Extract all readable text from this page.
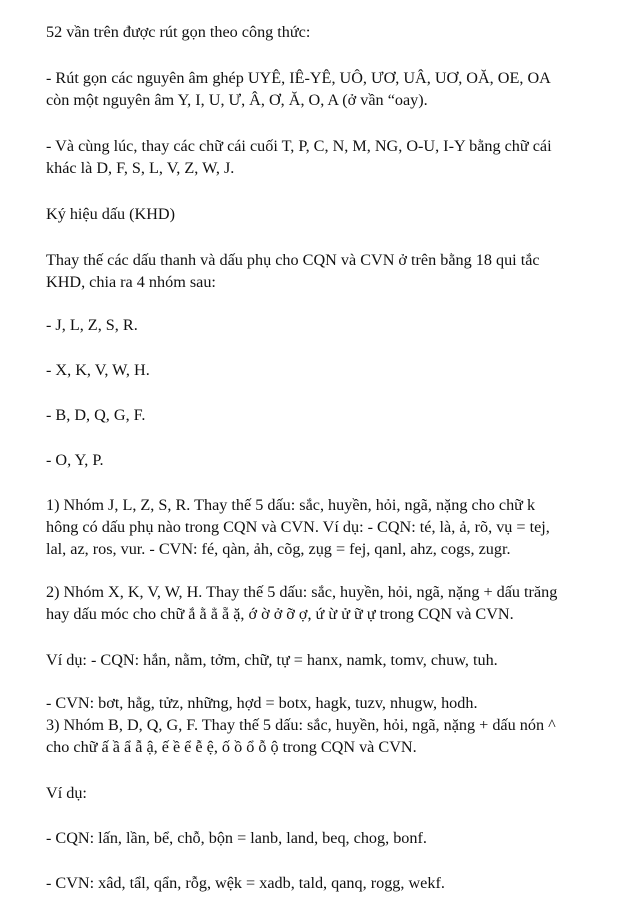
52 vần trên được rút gọn theo công thức:
- Rút gọn các nguyên âm ghép UYÊ, IÊ-YÊ, UÔ, ƯƠ, UÂ, UƠ, OĂ, OE, OA
còn một nguyên âm Y, I, U, Ư, Â, Ơ, Ă, O, A (ở vần “oay).
- Và cùng lúc, thay các chữ cái cuối T, P, C, N, M, NG, O-U, I-Y bằng chữ cái
khác là D, F, S, L, V, Z, W, J.
Ký hiệu dấu (KHD)
Thay thế các dấu thanh và dấu phụ cho CQN và CVN ở trên bằng 18 qui tắc
KHD, chia ra 4 nhóm sau:
- J, L, Z, S, R.
- X, K, V, W, H.
- B, D, Q, G, F.
- O, Y, P.
1) Nhóm J, L, Z, S, R. Thay thế 5 dấu: sắc, huyền, hỏi, ngã, nặng cho chữ k
hông có dấu phụ nào trong CQN và CVN. Ví dụ: - CQN: té, là, ả, rõ, vụ = tej,
lal, az, ros, vur. - CVN: fé, qàn, ảh, cõg, zụg = fej, qanl, ahz, cogs, zugr.
2) Nhóm X, K, V, W, H. Thay thế 5 dấu: sắc, huyền, hỏi, ngã, nặng + dấu trăng
hay dấu móc cho chữ ắ ằ ẳ ẵ ặ, ớ ờ ở ỡ ợ, ứ ừ ử ữ ự trong CQN và CVN.
Ví dụ: - CQN: hắn, nằm, tởm, chữ, tự = hanx, namk, tomv, chuw, tuh.
- CVN: bơt, hẳg, tửz, những, hợd = botx, hagk, tuzv, nhugw, hodh.
3) Nhóm B, D, Q, G, F. Thay thế 5 dấu: sắc, huyền, hỏi, ngã, nặng + dấu nón ^
cho chữ ấ ầ ẩ ẫ ậ, ế ề ể ễ ệ, ố ồ ổ ỗ ộ trong CQN và CVN.
Ví dụ:
- CQN: lấn, lần, bể, chỗ, bộn = lanb, land, beq, chog, bonf.
- CVN: xâd, tẩl, qẩn, rỗg, wệk = xadb, tald, qanq, rogg, wekf.
